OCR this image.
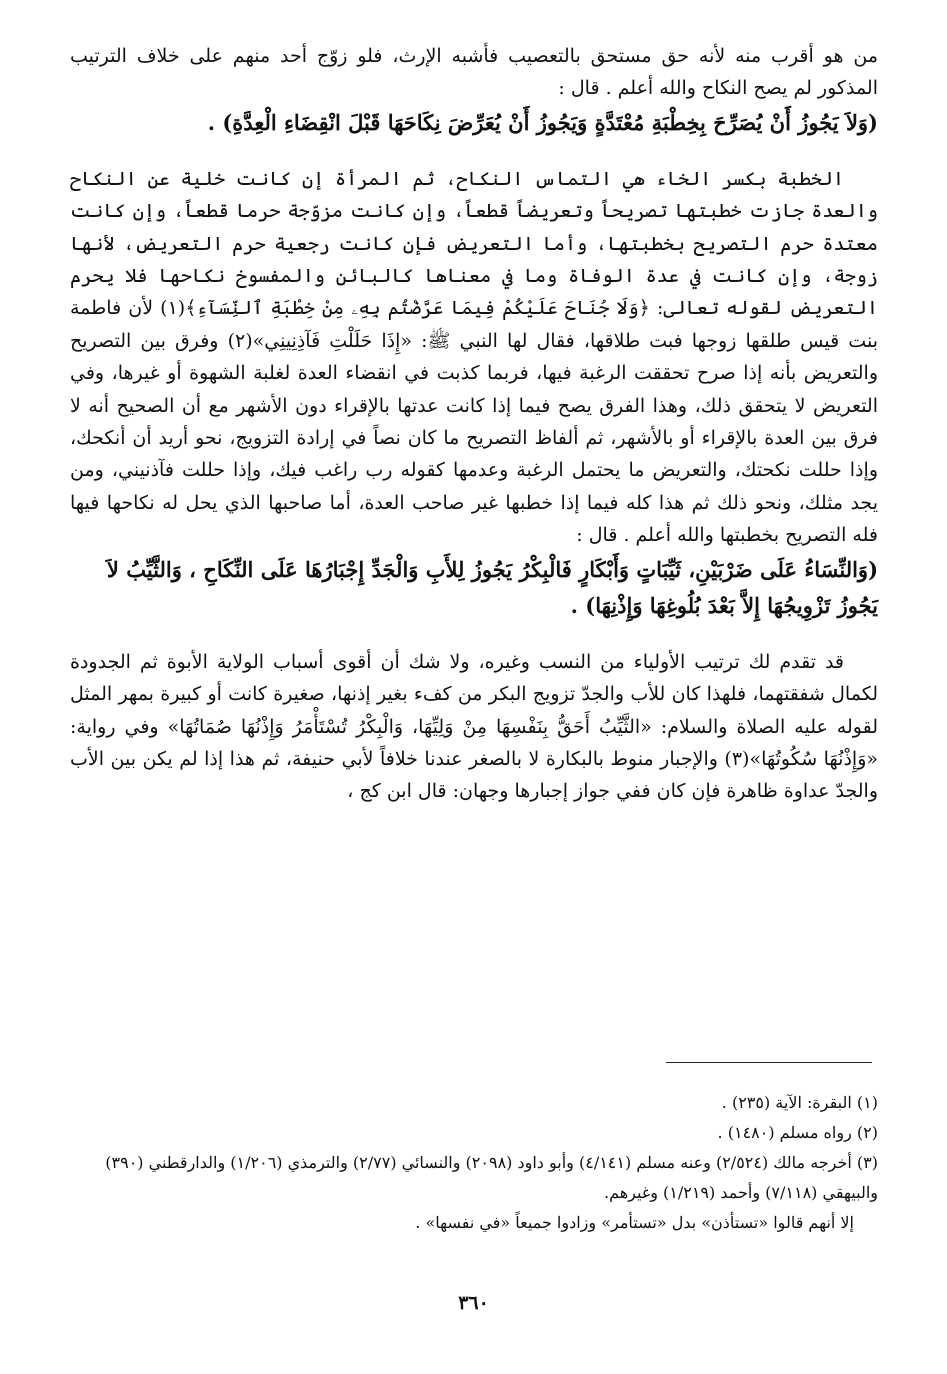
من هو أقرب منه لأنه حق مستحق بالتعصيب فأشبه الإرث، فلو زوّج أحد منهم على خلاف الترتيب المذكور لم يصح النكاح والله أعلم . قال :

(وَلاَ يَجُوزُ أَنْ يُصَرِّحَ بِخِطْبَةِ مُعْتَدَّةٍ وَيَجُوزُ أَنْ يُعَرِّضَ نِكَاحَهَا قَبْلَ انْقِضَاءِ الْعِدَّةِ) .

الخطبة بكسر الخاء هي التماس النكاح، ثم المرأة إن كانت خلية عن النكاح والعدة جازت خطبتها تصريحاً وتعريضاً قطعاً، وإن كانت مزوّجة حرما قطعاً، وإن كانت معتدة حرم التصريح بخطبتها، وأما التعريض فإن كانت رجعية حرم التعريض، لأنها زوجة، وإن كانت في عدة الوفاة وما في معناها كالبائن والمفسوخ نكاحها فلا يحرم التعريض لقوله تعالى: ﴿وَلَا جُنَاحَ عَلَيْكُمْ فِيمَا عَرَّضْتُم بِهِۦ مِنْ خِطْبَةِ ٱلنِّسَآءِ﴾(١) لأن فاطمة بنت قيس طلقها زوجها فبت طلاقها، فقال لها النبي ﷺ: «إِذَا حَلَلْتِ فَآذِنِينِي»(٢) وفرق بين التصريح والتعريض بأنه إذا صرح تحققت الرغبة فيها، فربما كذبت في انقضاء العدة لغلبة الشهوة أو غيرها، وفي التعريض لا يتحقق ذلك، وهذا الفرق يصح فيما إذا كانت عدتها بالإقراء دون الأشهر مع أن الصحيح أنه لا فرق بين العدة بالإقراء أو بالأشهر، ثم ألفاظ التصريح ما كان نصاً في إرادة التزويج، نحو أريد أن أنكحك، وإذا حللت نكحتك، والتعريض ما يحتمل الرغبة وعدمها كقوله رب راغب فيك، وإذا حللت فآذنيني، ومن يجد مثلك، ونحو ذلك ثم هذا كله فيما إذا خطبها غير صاحب العدة، أما صاحبها الذي يحل له نكاحها فيها فله التصريح بخطبتها والله أعلم . قال :

(وَالنِّسَاءُ عَلَى ضَرْبَيْنِ، ثَيِّبَاتٍ وَأَبْكَارٍ فَالْبِكْرُ يَجُوزُ لِلأَبِ وَالْجَدِّ إِجْبَارُهَا عَلَى النِّكَاحِ ، وَالثَّيِّبُ لاَ يَجُوزُ تَزْوِيجُهَا إِلاَّ بَعْدَ بُلُوغِهَا وَإِذْنِهَا) .

قد تقدم لك ترتيب الأولياء من النسب وغيره، ولا شك أن أقوى أسباب الولاية الأبوة ثم الجدودة لكمال شفقتهما، فلهذا كان للأب والجدّ تزويج البكر من كفء بغير إذنها، صغيرة كانت أو كبيرة بمهر المثل لقوله عليه الصلاة والسلام: «الثَّيِّبُ أَحَقُّ بِنَفْسِهَا مِنْ وَلِيِّهَا، وَالْبِكْرُ تُسْتَأْمَرُ وَإِذْنُهَا صُمَاتُهَا» وفي رواية: «وَإِذْنُهَا سُكُوتُهَا»(٣) والإجبار منوط بالبكارة لا بالصغر عندنا خلافاً لأبي حنيفة، ثم هذا إذا لم يكن بين الأب والجدّ عداوة ظاهرة فإن كان ففي جواز إجبارها وجهان: قال ابن كج ،

(١) البقرة: الآية (٢٣٥) .

(٢) رواه مسلم (١٤٨٠) .

(٣) أخرجه مالك (٢/٥٢٤) وعنه مسلم (٤/١٤١) وأبو داود (٢٠٩٨) والنسائي (٢/٧٧) والترمذي (١/٢٠٦) والدارقطني (٣٩٠) والبيهقي (٧/١١٨) وأحمد (١/٢١٩) وغيرهم.

إلا أنهم قالوا «تستأذن» بدل «تستأمر» وزادوا جميعاً «في نفسها» .

٣٦٠
